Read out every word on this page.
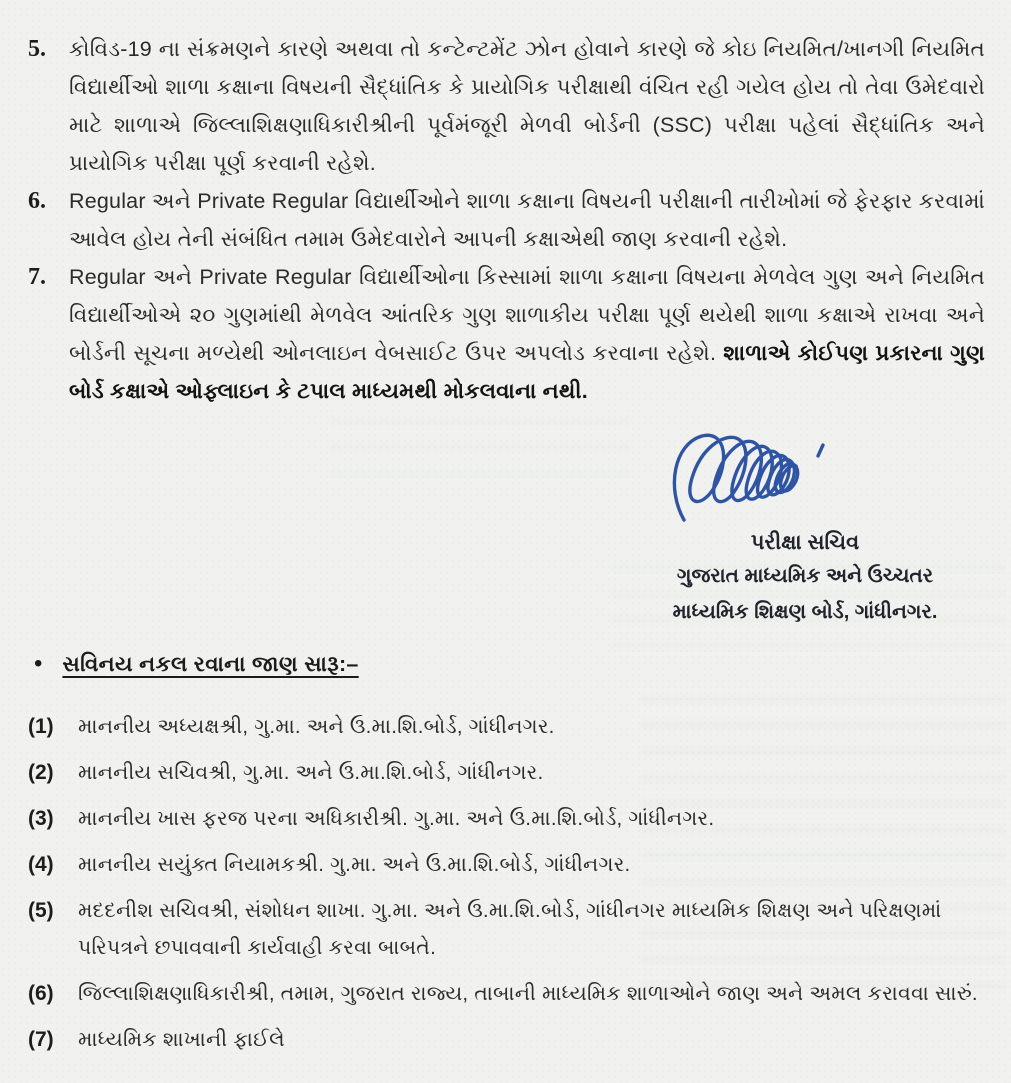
5.	કોવિડ-19 ના સંક્રમણને કારણે અથવા તો કન્ટેન્ટમેંટ ઝોન હોવાને કારણે જે કોઇ નિયમિત/ખાનગી નિયમિત વિદ્યાર્થીઓ શાળા કક્ષાના વિષયની સૈદ્ધાંતિક કે પ્રાયોગિક પરીક્ષાથી વંચિત રહી ગયેલ હોય તો તેવા ઉમેદવારો માટે શાળાએ જિલ્લાશિક્ષણાધિકારીશ્રીની પૂર્વમંજૂરી મેળવી બોર્ડની (SSC) પરીક્ષા પહેલાં સૈદ્ધાંતિક અને પ્રાયોગિક પરીક્ષા પૂર્ણ કરવાની રહેશે.
6.	Regular અને Private Regular વિદ્યાર્થીઓને શાળા કક્ષાના વિષયની પરીક્ષાની તારીખોમાં જે ફેરફાર કરવામાં આવેલ હોય તેની સંબંધિત તમામ ઉમેદવારોને આપની કક્ષાએથી જાણ કરવાની રહેશે.
7.	Regular અને Private Regular વિદ્યાર્થીઓના કિસ્સામાં શાળા કક્ષાના વિષયના મેળવેલ ગુણ અને નિયમિત વિદ્યાર્થીઓએ ૨૦ ગુણમાંથી મેળવેલ આંતરિક ગુણ શાળાકીય પરીક્ષા પૂર્ણ થયેથી શાળા કક્ષાએ રાખવા અને બોર્ડની સૂચના મળ્યેથી ઓનલાઇન વેબસાઈટ ઉપર અપલોડ કરવાના રહેશે. શાળાએ કોઈપણ પ્રકારના ગુણ બોર્ડ કક્ષાએ ઓફ્લાઇન કે ટપાલ માધ્યમથી મોકલવાના નથી.
પરીક્ષા સચિવ
ગુજરાત માધ્યમિક અને ઉચ્ચતર
માધ્યમિક શિક્ષણ બોર્ડ, ગાંધીનગર.
• સવિનય નકલ રવાના જાણ સારૂ:–
(1)	માનનીય અધ્યક્ષશ્રી, ગુ.મા. અને ઉ.મા.શિ.બોર્ડ, ગાંધીનગર.
(2)	માનનીય સચિવશ્રી, ગુ.મા. અને ઉ.મા.શિ.બોર્ડ, ગાંધીનગર.
(3)	માનનીય ખાસ ફરજ પરના અધિકારીશ્રી. ગુ.મા. અને ઉ.મા.શિ.બોર્ડ, ગાંધીનગર.
(4)	માનનીય સયુંક્ત નિયામકશ્રી. ગુ.મા. અને ઉ.મા.શિ.બોર્ડ, ગાંધીનગર.
(5)	મદદનીશ સચિવશ્રી, સંશોધન શાખા. ગુ.મા. અને ઉ.મા.શિ.બોર્ડ, ગાંધીનગર માધ્યમિક શિક્ષણ અને પરિક્ષણમાં પરિપત્રને છપાવવાની કાર્યવાહી કરવા બાબતે.
(6)	જિલ્લાશિક્ષણાધિકારીશ્રી, તમામ, ગુજરાત રાજ્ય, તાબાની માધ્યમિક શાળાઓને જાણ અને અમલ કરાવવા સારું.
(7)	માધ્યમિક શાખાની ફાઈલે
